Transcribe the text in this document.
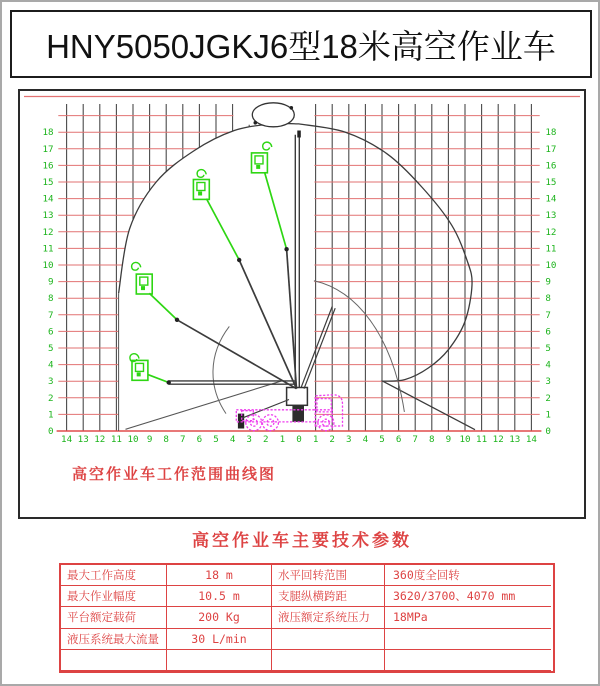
HNY5050JGKJ6型18米高空作业车
14 13 12 11 10 9 8 7 6 5 4 3 2 1 0 1 2 3 4 5 6 7 8 9 10 11 12 13 14
18
17
16
15
14
13
12
11
10
9
8
7
6
5
4
3
2
1
0
18
17
16
15
14
13
12
11
10
9
8
7
6
5
4
3
2
1
0
高空作业车工作范围曲线图
高空作业车主要技术参数
最大工作高度	18 m	水平回转范围	360度全回转
最大作业幅度	10.5 m	支腿纵横跨距	3620/3700、4070 mm
平台额定载荷	200 Kg	液压额定系统压力	18MPa
液压系统最大流量	30 L/min
